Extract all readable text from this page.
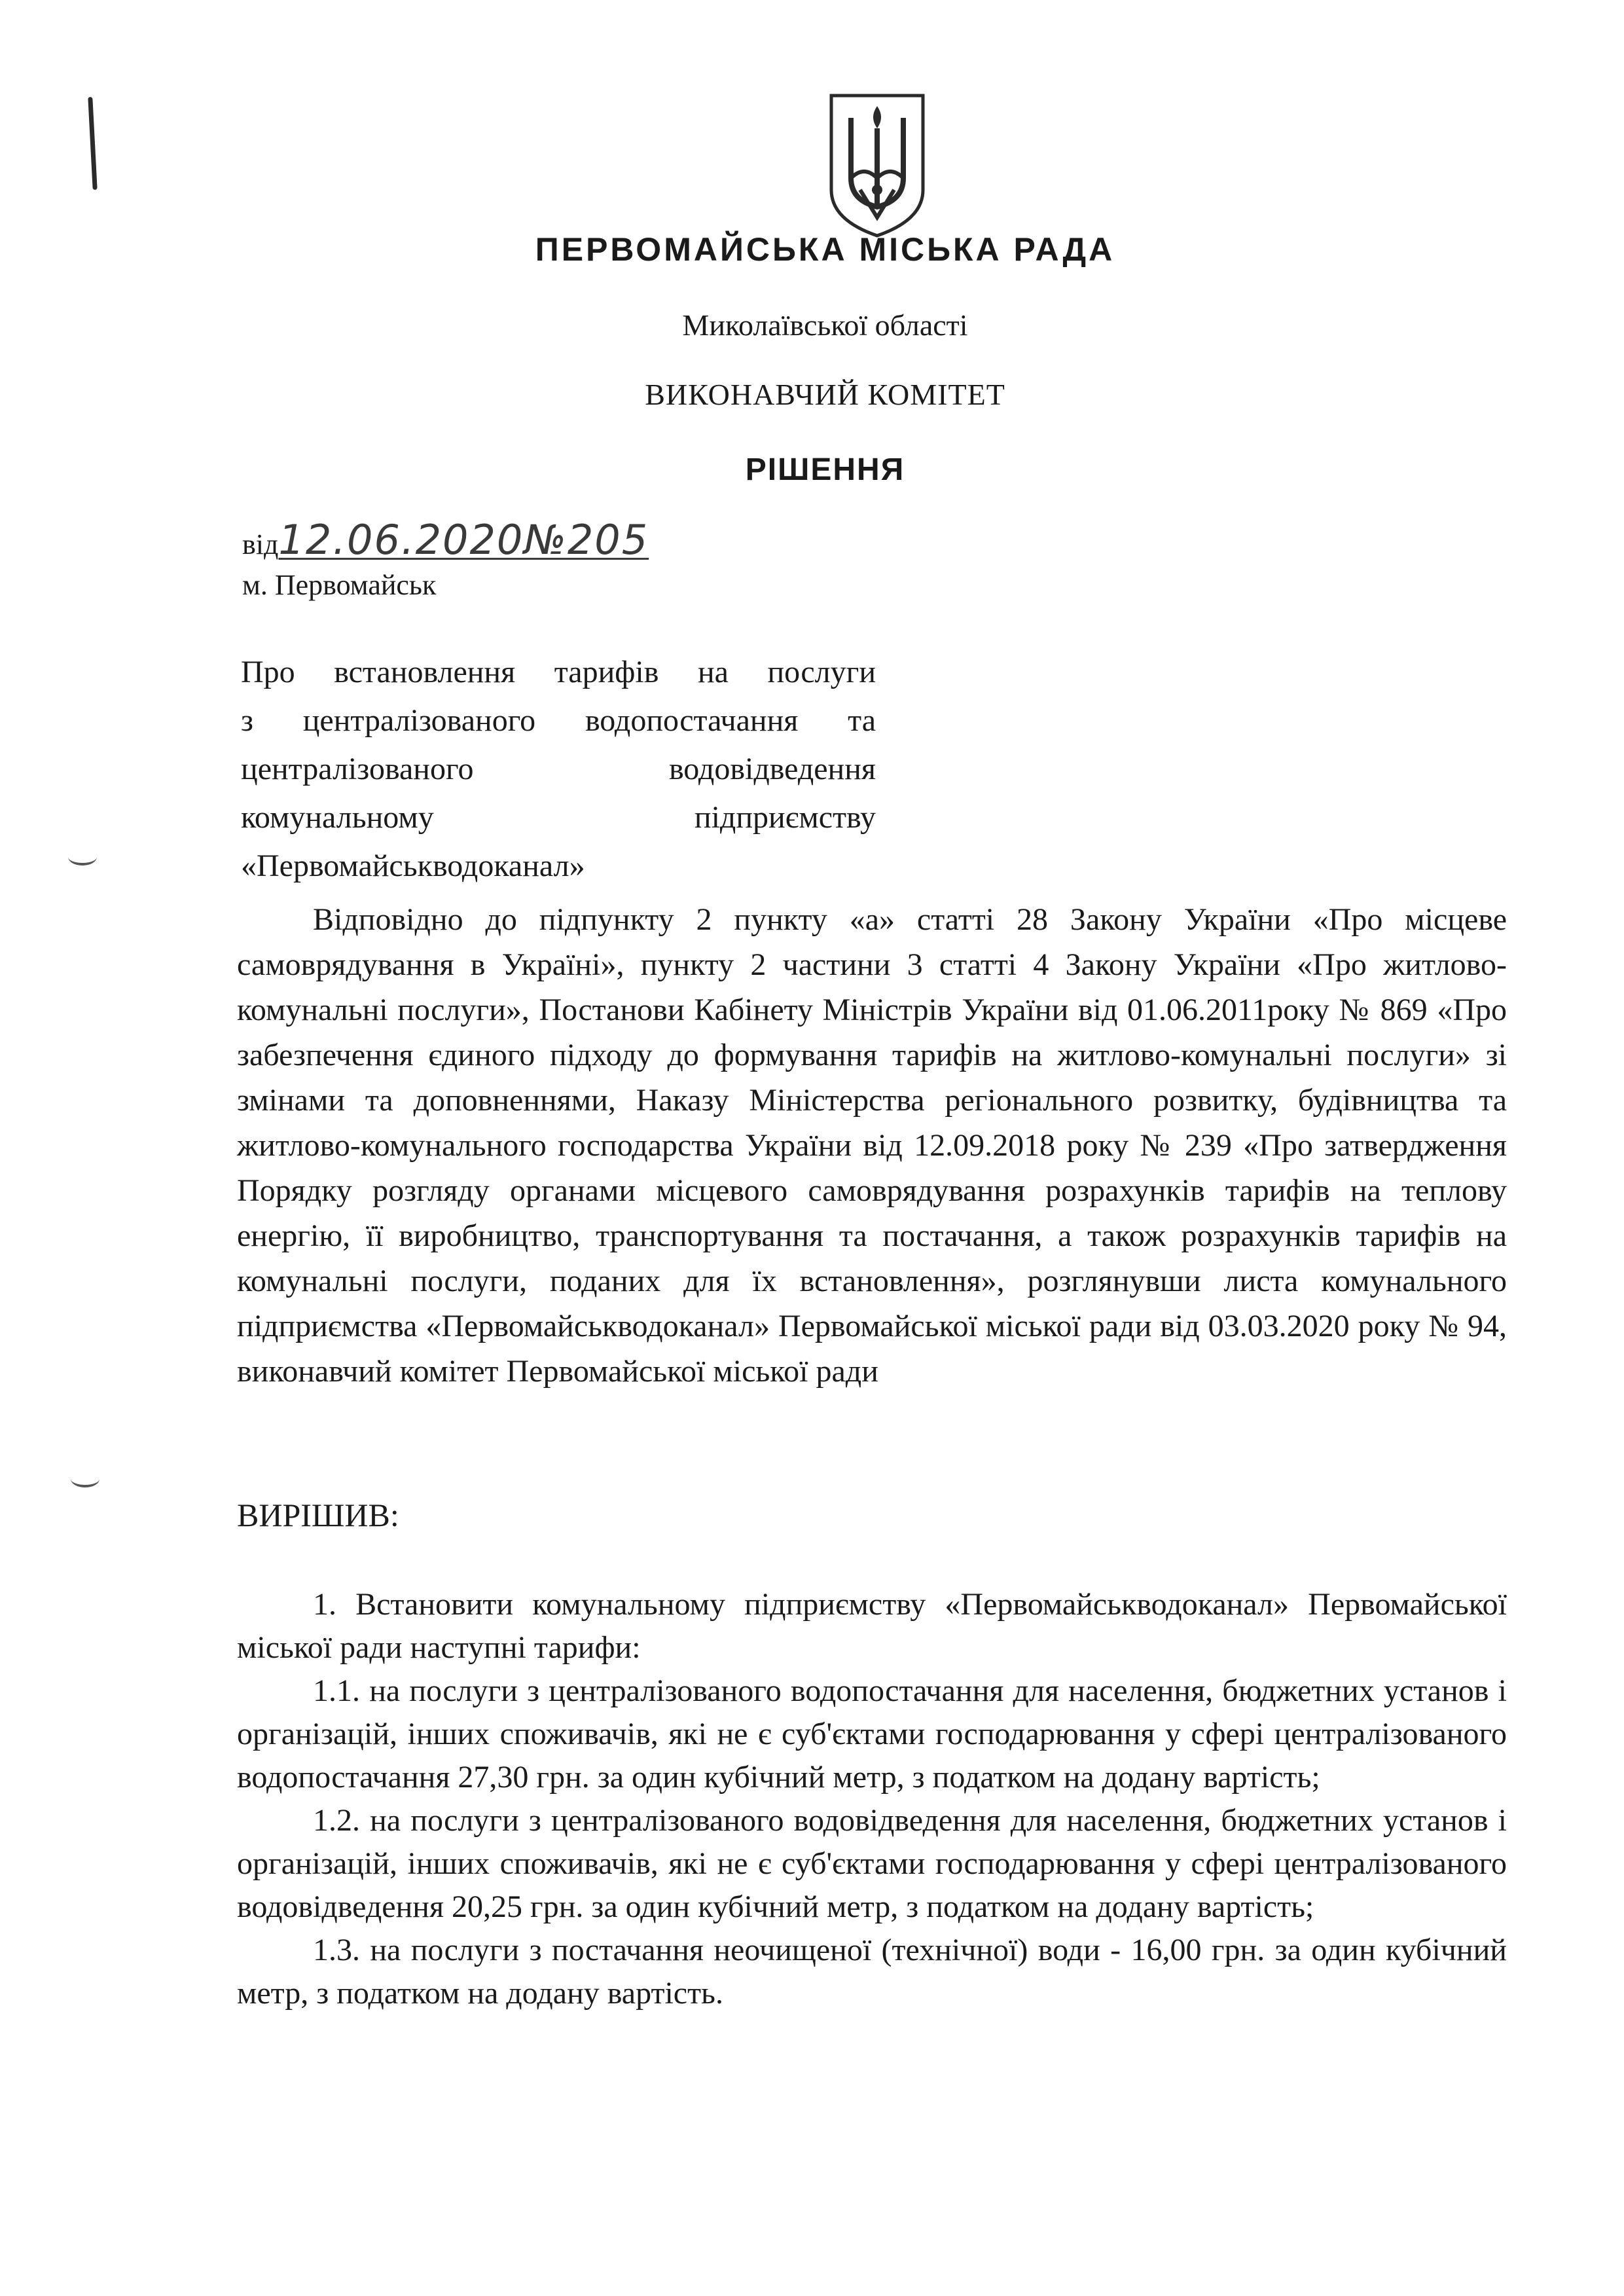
ПЕРВОМАЙСЬКА МІСЬКА РАДА
Миколаївської області
ВИКОНАВЧИЙ КОМІТЕТ
РІШЕННЯ
від12.06.2020№205
м. Первомайськ
Про встановлення тарифів на послуги
з централізованого водопостачання та
централізованого водовідведення
комунальному підприємству
«Первомайськводоканал»

Відповідно до підпункту 2 пункту «а» статті 28 Закону України «Про місцеве самоврядування в Україні», пункту 2 частини 3 статті 4 Закону України «Про житлово-комунальні послуги», Постанови Кабінету Міністрів України від 01.06.2011року № 869 «Про забезпечення єдиного підходу до формування тарифів на житлово-комунальні послуги» зі змінами та доповненнями, Наказу Міністерства регіонального розвитку, будівництва та житлово-комунального господарства України від 12.09.2018 року № 239 «Про затвердження Порядку розгляду органами місцевого самоврядування розрахунків тарифів на теплову енергію, її виробництво, транспортування та постачання, а також розрахунків тарифів на комунальні послуги, поданих для їх встановлення», розглянувши листа комунального підприємства «Первомайськводоканал» Первомайської міської ради від 03.03.2020 року № 94, виконавчий комітет Первомайської міської ради

ВИРІШИВ:

1. Встановити комунальному підприємству «Первомайськводоканал» Первомайської міської ради наступні тарифи:

1.1. на послуги з централізованого водопостачання для населення, бюджетних установ і організацій, інших споживачів, які не є суб'єктами господарювання у сфері централізованого водопостачання 27,30 грн. за один кубічний метр, з податком на додану вартість;

1.2. на послуги з централізованого водовідведення для населення, бюджетних установ і організацій, інших споживачів, які не є суб'єктами господарювання у сфері централізованого водовідведення 20,25 грн. за один кубічний метр, з податком на додану вартість;

1.3. на послуги з постачання неочищеної (технічної) води - 16,00 грн. за один кубічний метр, з податком на додану вартість.
